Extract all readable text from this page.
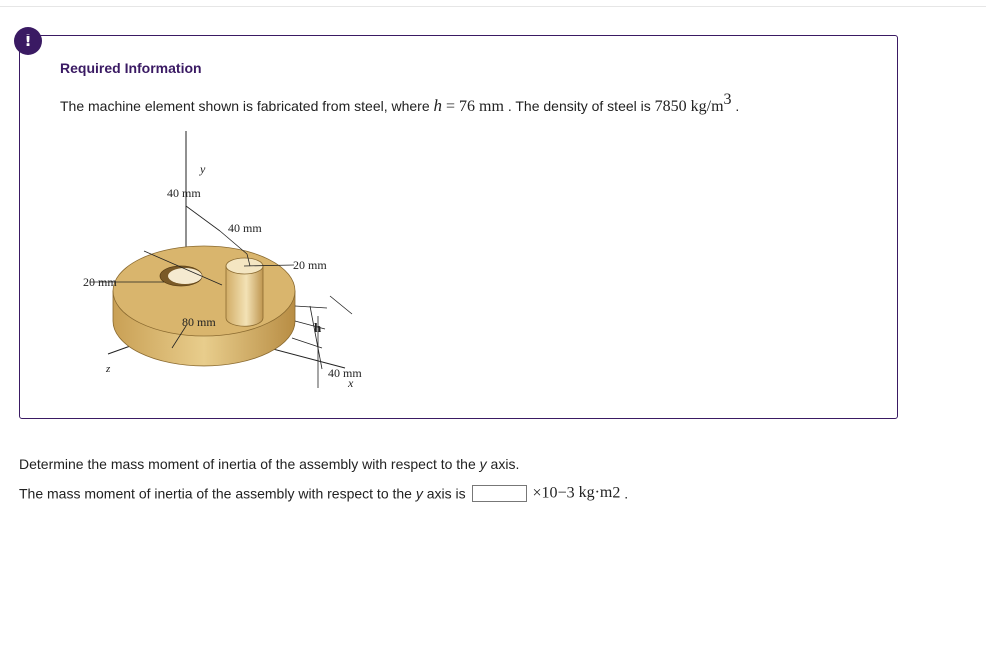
!
Required Information
The machine element shown is fabricated from steel, where h = 76 mm . The density of steel is 7850 $kg/m^3$ .
y
40 mm
40 mm
20 mm
20 mm
80 mm	h
x
z	40 mm
Determine the mass moment of inertia of the assembly with respect to the y axis.
The mass moment of inertia of the assembly with respect to the y axis is	×10−3 kg·m2 .
